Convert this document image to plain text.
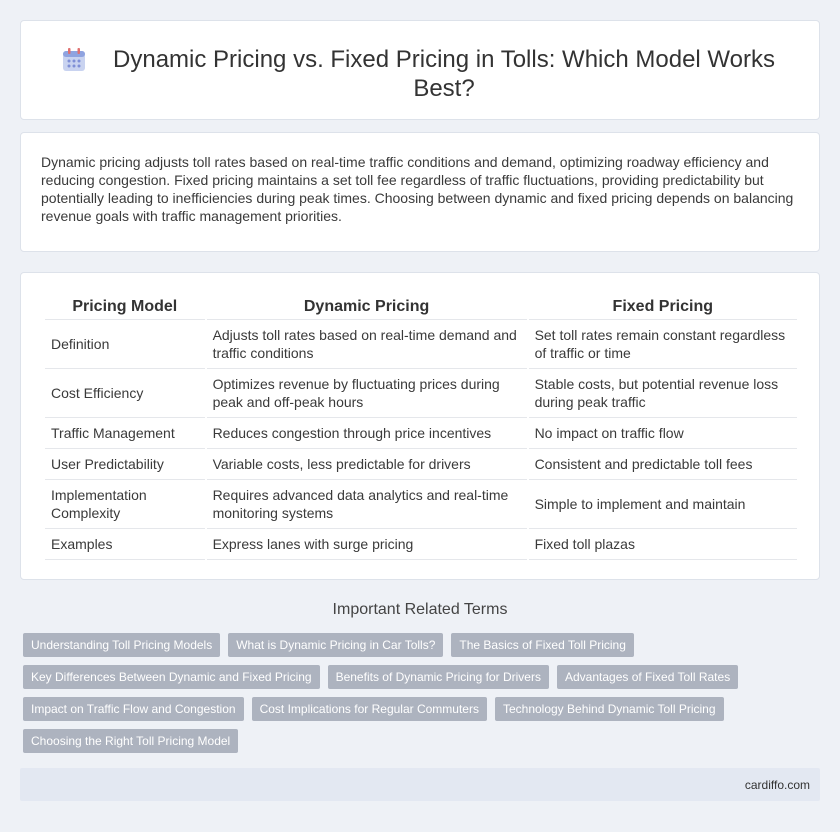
Dynamic Pricing vs. Fixed Pricing in Tolls: Which Model Works Best?

Dynamic pricing adjusts toll rates based on real-time traffic conditions and demand, optimizing roadway efficiency and reducing congestion. Fixed pricing maintains a set toll fee regardless of traffic fluctuations, providing predictability but potentially leading to inefficiencies during peak times. Choosing between dynamic and fixed pricing depends on balancing revenue goals with traffic management priorities.

Pricing Model	Dynamic Pricing	Fixed Pricing
Definition	Adjusts toll rates based on real-time demand and traffic conditions	Set toll rates remain constant regardless of traffic or time
Cost Efficiency	Optimizes revenue by fluctuating prices during peak and off-peak hours	Stable costs, but potential revenue loss during peak traffic
Traffic Management	Reduces congestion through price incentives	No impact on traffic flow
User Predictability	Variable costs, less predictable for drivers	Consistent and predictable toll fees
Implementation Complexity	Requires advanced data analytics and real-time monitoring systems	Simple to implement and maintain
Examples	Express lanes with surge pricing	Fixed toll plazas
Important Related Terms
Understanding Toll Pricing Models	What is Dynamic Pricing in Car Tolls?	The Basics of Fixed Toll Pricing
Key Differences Between Dynamic and Fixed Pricing	Benefits of Dynamic Pricing for Drivers	Advantages of Fixed Toll Rates
Impact on Traffic Flow and Congestion	Cost Implications for Regular Commuters	Technology Behind Dynamic Toll Pricing
Choosing the Right Toll Pricing Model
cardiffo.com
